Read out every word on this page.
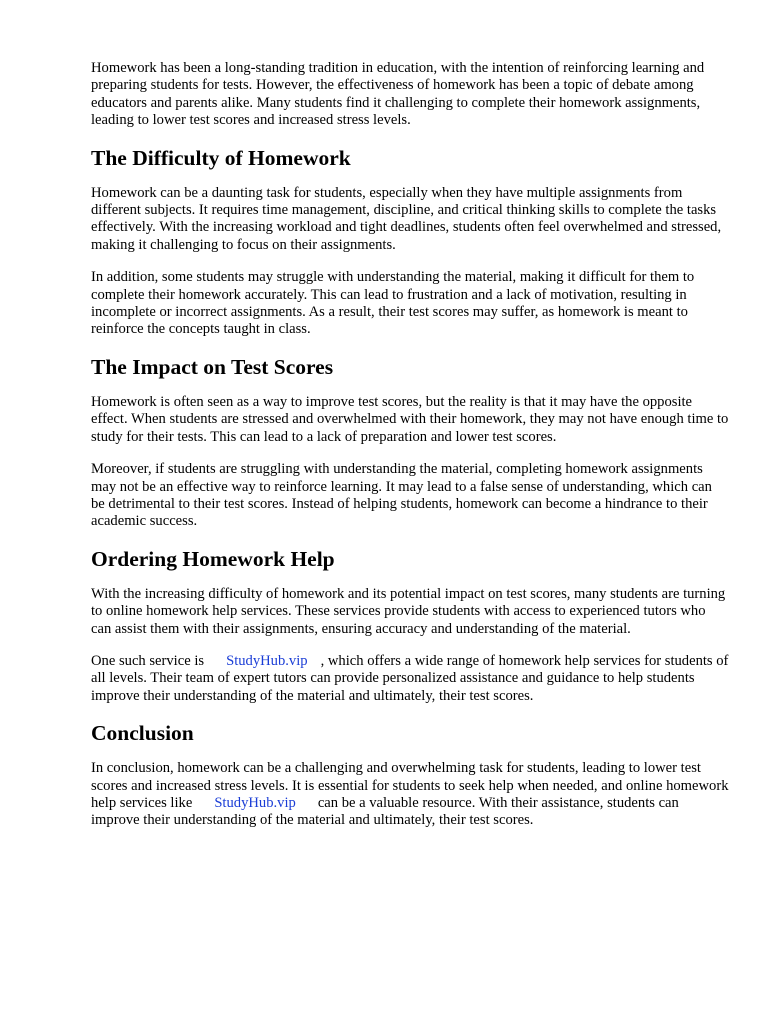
Homework has been a long-standing tradition in education, with the intention of reinforcing learning and preparing students for tests. However, the effectiveness of homework has been a topic of debate among educators and parents alike. Many students find it challenging to complete their homework assignments, leading to lower test scores and increased stress levels.

The Difficulty of Homework

Homework can be a daunting task for students, especially when they have multiple assignments from different subjects. It requires time management, discipline, and critical thinking skills to complete the tasks effectively. With the increasing workload and tight deadlines, students often feel overwhelmed and stressed, making it challenging to focus on their assignments.

In addition, some students may struggle with understanding the material, making it difficult for them to complete their homework accurately. This can lead to frustration and a lack of motivation, resulting in incomplete or incorrect assignments. As a result, their test scores may suffer, as homework is meant to reinforce the concepts taught in class.

The Impact on Test Scores

Homework is often seen as a way to improve test scores, but the reality is that it may have the opposite effect. When students are stressed and overwhelmed with their homework, they may not have enough time to study for their tests. This can lead to a lack of preparation and lower test scores.

Moreover, if students are struggling with understanding the material, completing homework assignments may not be an effective way to reinforce learning. It may lead to a false sense of understanding, which can be detrimental to their test scores. Instead of helping students, homework can become a hindrance to their academic success.

Ordering Homework Help

With the increasing difficulty of homework and its potential impact on test scores, many students are turning to online homework help services. These services provide students with access to experienced tutors who can assist them with their assignments, ensuring accuracy and understanding of the material.

One such service is StudyHub.vip , which offers a wide range of homework help services for students of all levels. Their team of expert tutors can provide personalized assistance and guidance to help students improve their understanding of the material and ultimately, their test scores.

Conclusion

In conclusion, homework can be a challenging and overwhelming task for students, leading to lower test scores and increased stress levels. It is essential for students to seek help when needed, and online homework help services like StudyHub.vip can be a valuable resource. With their assistance, students can improve their understanding of the material and ultimately, their test scores.
